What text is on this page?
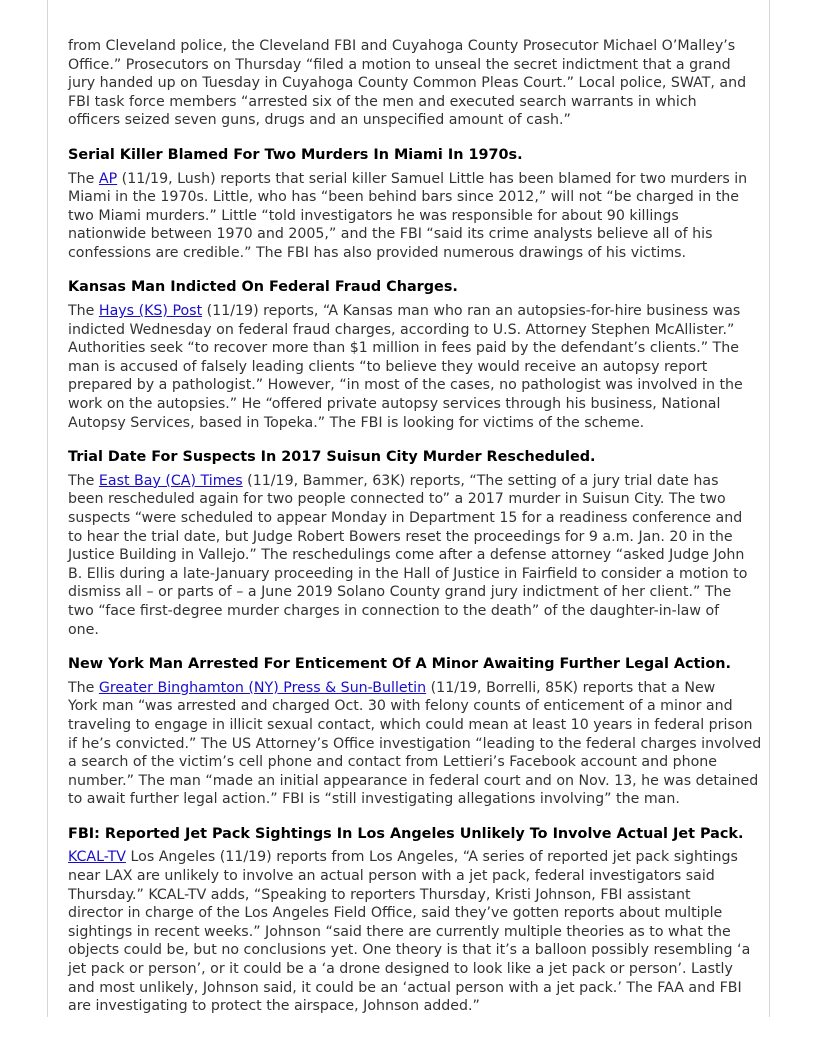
from Cleveland police, the Cleveland FBI and Cuyahoga County Prosecutor Michael O’Malley’s
Office.” Prosecutors on Thursday “filed a motion to unseal the secret indictment that a grand
jury handed up on Tuesday in Cuyahoga County Common Pleas Court.” Local police, SWAT, and
FBI task force members “arrested six of the men and executed search warrants in which
officers seized seven guns, drugs and an unspecified amount of cash.”

Serial Killer Blamed For Two Murders In Miami In 1970s.

The AP (11/19, Lush) reports that serial killer Samuel Little has been blamed for two murders in
Miami in the 1970s. Little, who has “been behind bars since 2012,” will not “be charged in the
two Miami murders.” Little “told investigators he was responsible for about 90 killings
nationwide between 1970 and 2005,” and the FBI “said its crime analysts believe all of his
confessions are credible.” The FBI has also provided numerous drawings of his victims.

Kansas Man Indicted On Federal Fraud Charges.

The Hays (KS) Post (11/19) reports, “A Kansas man who ran an autopsies-for-hire business was
indicted Wednesday on federal fraud charges, according to U.S. Attorney Stephen McAllister.”
Authorities seek “to recover more than $1 million in fees paid by the defendant’s clients.” The
man is accused of falsely leading clients “to believe they would receive an autopsy report
prepared by a pathologist.” However, “in most of the cases, no pathologist was involved in the
work on the autopsies.” He “offered private autopsy services through his business, National
Autopsy Services, based in Topeka.” The FBI is looking for victims of the scheme.

Trial Date For Suspects In 2017 Suisun City Murder Rescheduled.

The East Bay (CA) Times (11/19, Bammer, 63K) reports, “The setting of a jury trial date has
been rescheduled again for two people connected to” a 2017 murder in Suisun City. The two
suspects “were scheduled to appear Monday in Department 15 for a readiness conference and
to hear the trial date, but Judge Robert Bowers reset the proceedings for 9 a.m. Jan. 20 in the
Justice Building in Vallejo.” The reschedulings come after a defense attorney “asked Judge John
B. Ellis during a late-January proceeding in the Hall of Justice in Fairfield to consider a motion to
dismiss all – or parts of – a June 2019 Solano County grand jury indictment of her client.” The
two “face first-degree murder charges in connection to the death” of the daughter-in-law of
one.

New York Man Arrested For Enticement Of A Minor Awaiting Further Legal Action.

The Greater Binghamton (NY) Press & Sun-Bulletin (11/19, Borrelli, 85K) reports that a New
York man “was arrested and charged Oct. 30 with felony counts of enticement of a minor and
traveling to engage in illicit sexual contact, which could mean at least 10 years in federal prison
if he’s convicted.” The US Attorney’s Office investigation “leading to the federal charges involved
a search of the victim’s cell phone and contact from Lettieri’s Facebook account and phone
number.” The man “made an initial appearance in federal court and on Nov. 13, he was detained
to await further legal action.” FBI is “still investigating allegations involving” the man.

FBI: Reported Jet Pack Sightings In Los Angeles Unlikely To Involve Actual Jet Pack.

KCAL-TV Los Angeles (11/19) reports from Los Angeles, “A series of reported jet pack sightings
near LAX are unlikely to involve an actual person with a jet pack, federal investigators said
Thursday.” KCAL-TV adds, “Speaking to reporters Thursday, Kristi Johnson, FBI assistant
director in charge of the Los Angeles Field Office, said they’ve gotten reports about multiple
sightings in recent weeks.” Johnson “said there are currently multiple theories as to what the
objects could be, but no conclusions yet. One theory is that it’s a balloon possibly resembling ‘a
jet pack or person’, or it could be a ‘a drone designed to look like a jet pack or person’. Lastly
and most unlikely, Johnson said, it could be an ‘actual person with a jet pack.’ The FAA and FBI
are investigating to protect the airspace, Johnson added.”
